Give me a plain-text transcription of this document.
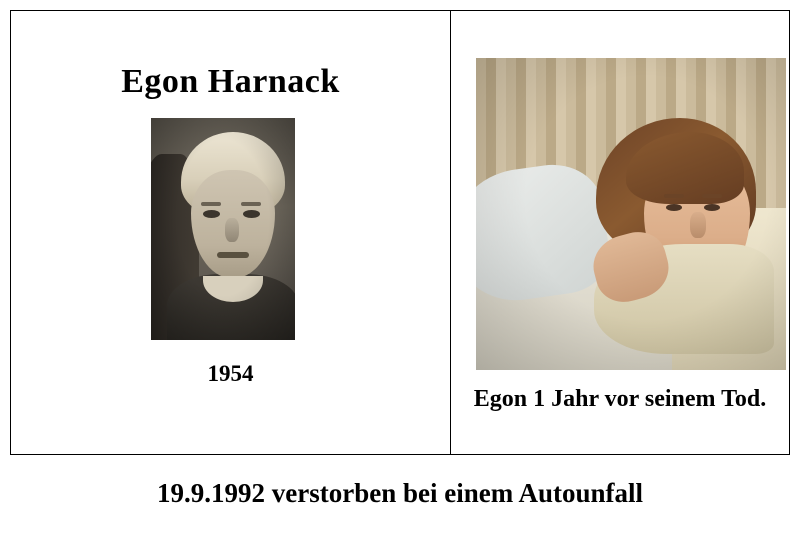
Egon Harnack
1954
Egon 1 Jahr vor seinem Tod.
19.9.1992 verstorben bei einem Autounfall
